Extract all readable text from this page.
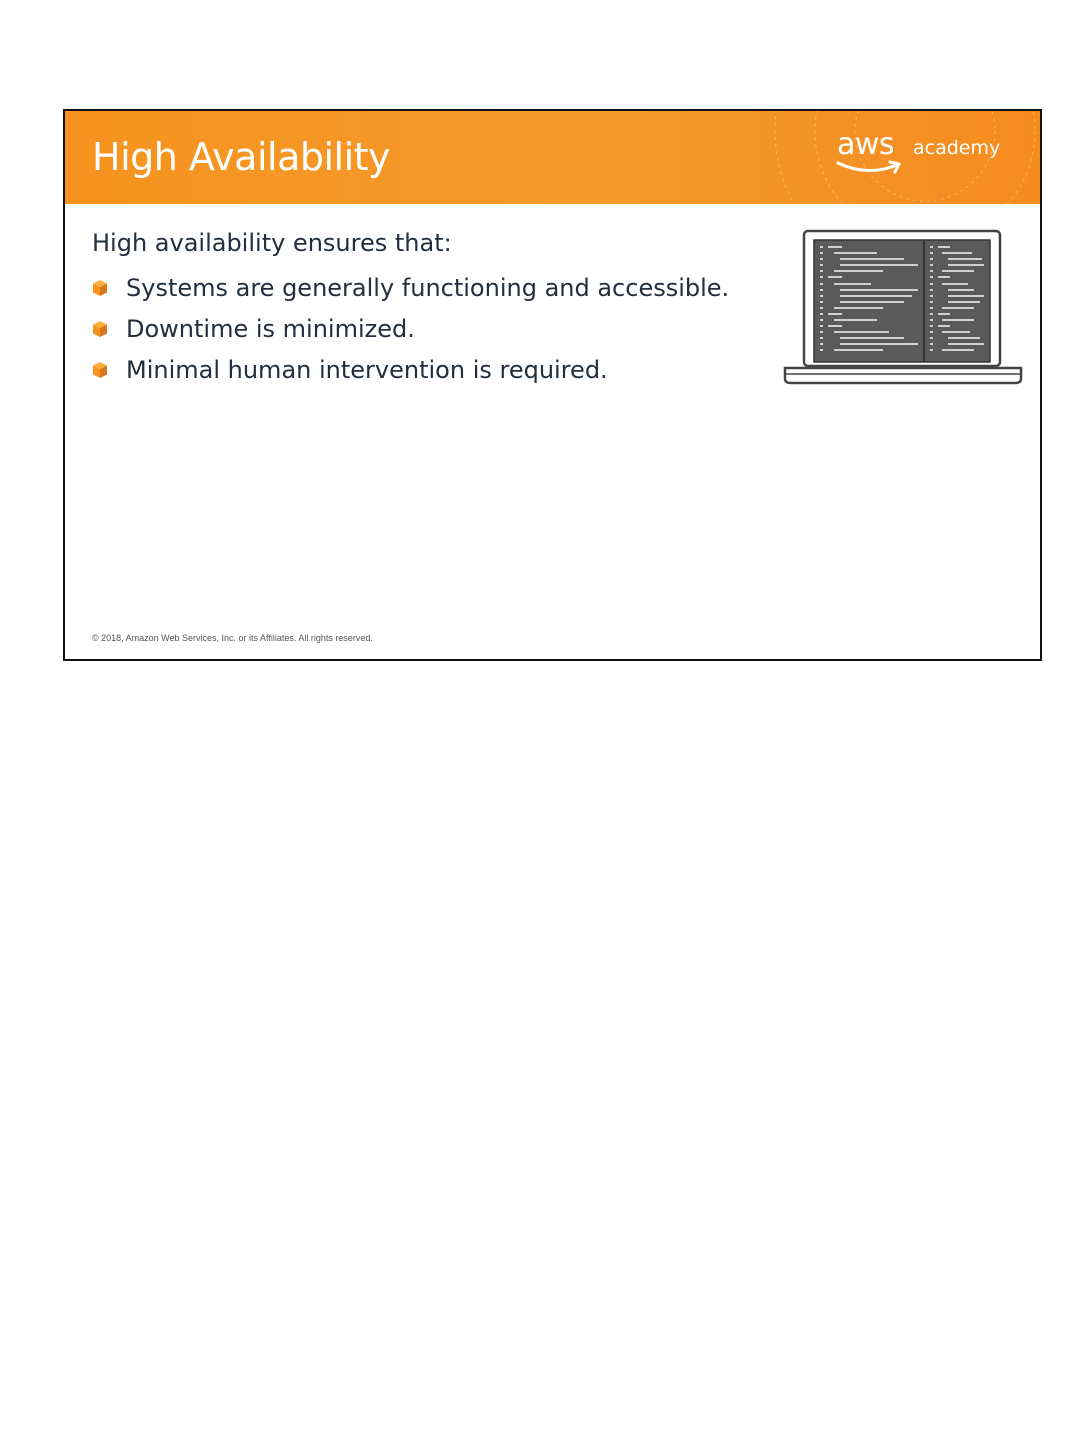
High Availability	aws academy
High availability ensures that:
Systems are generally functioning and accessible.
Downtime is minimized.
Minimal human intervention is required.
© 2018, Amazon Web Services, Inc. or its Affiliates. All rights reserved.
